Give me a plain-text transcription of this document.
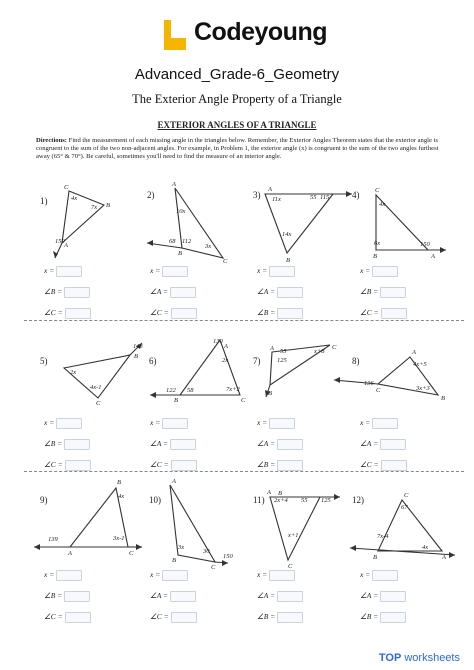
Codeyoung
Advanced_Grade-6_Geometry
The Exterior Angle Property of a Triangle
EXTERIOR ANGLES OF A TRIANGLE
Directions: Find the measurement of each missing angle in the triangles below. Remember, the Exterior Angles Theorem states that the exterior angle is congruent to the sum of the two non-adjacent angles. For example, in Problem 1, the exterior angle (x) is congruent to the sum of the two angles furthest away (65° & 70°). Be careful, sometimes you'll need to find the measure of an interior angle.
C
4x
7x B
150
A
A
10x
68 112
3x
B
C
A
11x	55 115
14x
B
C
4x
6x	150
B	A
143
B
2x
4x-1
C
130
A
2x
122 58	7x+2
B	C
A 55
125
x+8
C
B
A
4x+5
136
3x+3
C
B
B
4x
139	3x-1
A	C
A
3x
30
150
B
C
A
2x+4 55 125
x+1
B
C
C
67
7x-4
4x
B	A
1)
x =
∠B =
∠C =
2)
x =
∠A =
∠C =
3)
x =
∠A =
∠B =
4)
x =
∠B =
∠C =
5)
x =
∠B =
∠C =
6)
x =
∠A =
∠C =
7)
x =
∠A =
∠B =
8)
x =
∠A =
∠C =
9)
x =
∠B =
∠C =
10)
x =
∠A =
∠C =
11)
x =
∠A =
∠B =
12)
x =
∠A =
∠B =
TOP worksheets
